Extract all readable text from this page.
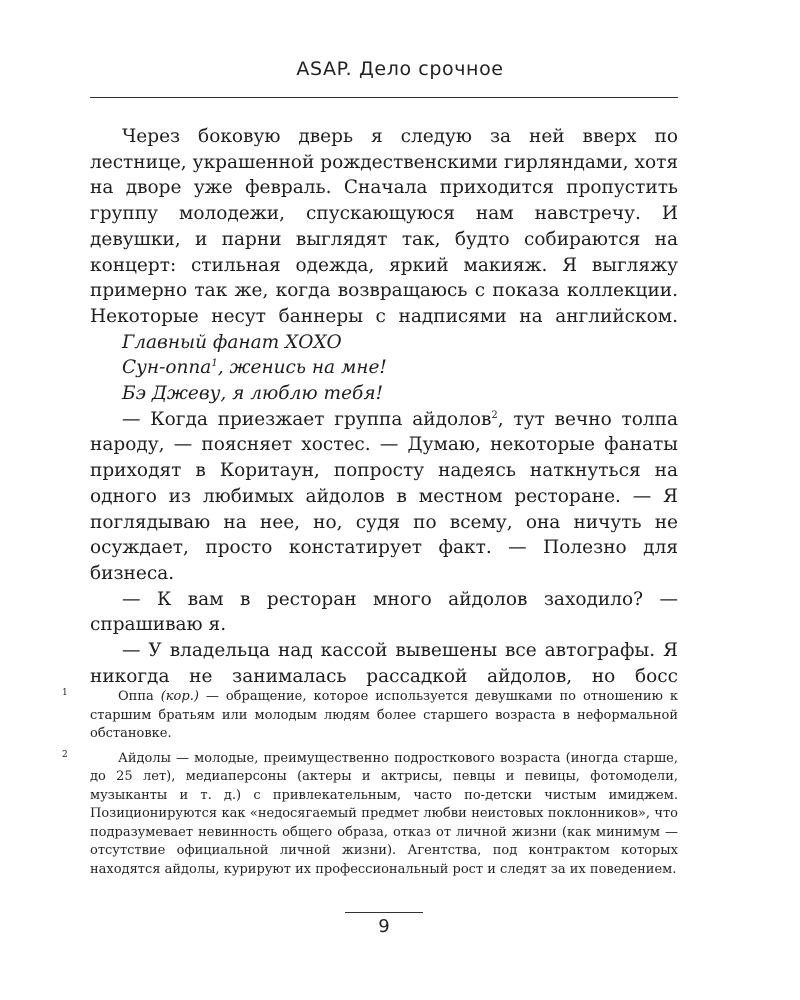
ASAP. Дело срочное

Через боковую дверь я следую за ней вверх по лестнице, украшенной рождественскими гирляндами, хотя на дворе уже февраль. Сначала приходится пропустить группу молодежи, спускающуюся нам навстречу. И девушки, и парни выглядят так, будто собираются на концерт: стильная одежда, яркий макияж. Я выгляжу примерно так же, когда возвращаюсь с показа коллекции. Некоторые несут баннеры с надписями на английском.

Главный фанат ХОХО

Сун-оппа$^1$, женись на мне!

Бэ Джеву, я люблю тебя!

— Когда приезжает группа айдолов$^2$, тут вечно толпа народу, — поясняет хостес. — Думаю, некоторые фанаты приходят в Коритаун, попросту надеясь наткнуться на одного из любимых айдолов в местном ресторане. — Я поглядываю на нее, но, судя по всему, она ничуть не осуждает, просто констатирует факт. — Полезно для бизнеса.

— К вам в ресторан много айдолов заходило? — спрашиваю я.

— У владельца над кассой вывешены все автографы. Я никогда не занималась рассадкой айдолов, но босс

1	Оппа (кор.) — обращение, которое используется девушками по отношению к старшим братьям или молодым людям более старшего возраста в неформальной обстановке.

2	Айдолы — молодые, преимущественно подросткового возраста (иногда старше, до 25 лет), медиаперсоны (актеры и актрисы, певцы и певицы, фотомодели, музыканты и т. д.) с привлекательным, часто по-детски чистым имиджем. Позиционируются как «недосягаемый предмет любви неистовых поклонников», что подразумевает невинность общего образа, отказ от личной жизни (как минимум — отсутствие официальной личной жизни). Агентства, под контрактом которых находятся айдолы, курируют их профессиональный рост и следят за их поведением.

9
